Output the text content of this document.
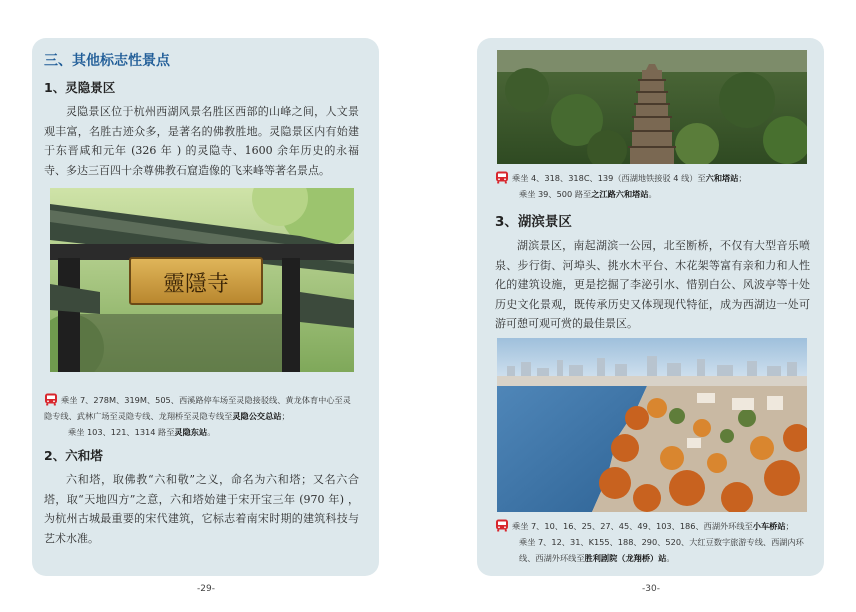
三、其他标志性景点
1、灵隐景区

灵隐景区位于杭州西湖风景名胜区西部的山峰之间，人文景观丰富，名胜古迹众多，是著名的佛教胜地。灵隐景区内有始建于东晋咸和元年 (326 年 ) 的灵隐寺、1600 余年历史的永福寺、多达三百四十余尊佛教石窟造像的飞来峰等著名景点。

靈隱寺

乘坐 7、278M、319M、505、西溪路停车场至灵隐接驳线、黄龙体育中心至灵隐专线、武林广场至灵隐专线、龙翔桥至灵隐专线至灵隐公交总站；

乘坐 103、121、1314 路至灵隐东站。

2、六和塔

六和塔，取佛教“六和敬”之义，命名为六和塔；又名六合塔，取“天地四方”之意，六和塔始建于宋开宝三年 (970 年) ，为杭州古城最重要的宋代建筑，它标志着南宋时期的建筑科技与艺术水准。

-29-

乘坐 4、318、318C、139（西湖地铁接驳 4 线）至六和塔站；

乘坐 39、500 路至之江路六和塔站。

3、湖滨景区

湖滨景区，南起湖滨一公园，北至断桥，不仅有大型音乐喷泉、步行街、河埠头、挑水木平台、木花架等富有亲和力和人性化的建筑设施，更是挖掘了李泌引水、惜别白公、风波亭等十处历史文化景观，既传承历史又体现现代特征，成为西湖边一处可游可憩可观可赏的最佳景区。

乘坐 7、10、16、25、27、45、49、103、186、西湖外环线至小车桥站；

乘坐 7、12、31、K155、188、290、520、大红豆数字旅游专线、西湖内环线、西湖外环线至胜利剧院（龙翔桥）站。

-30-
